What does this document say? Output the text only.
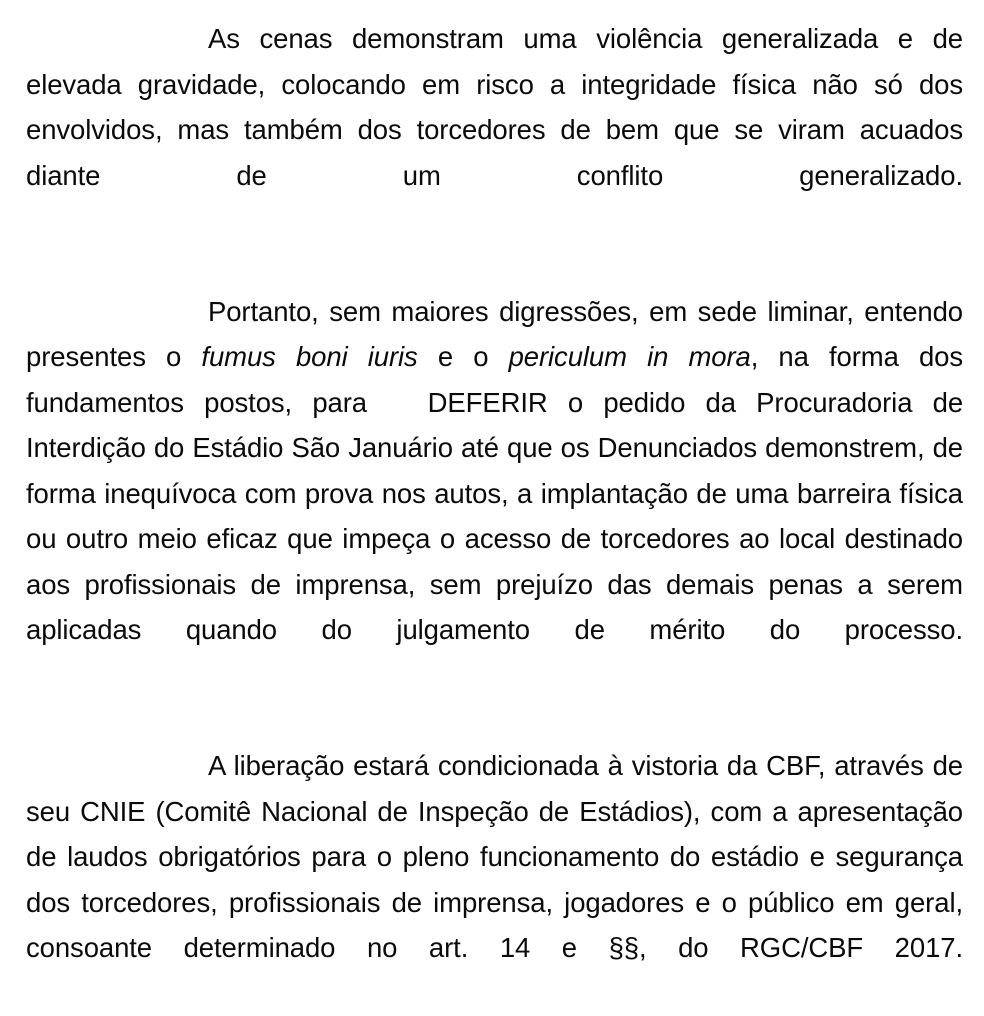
As cenas demonstram uma violência generalizada e de elevada gravidade, colocando em risco a integridade física não só dos envolvidos, mas também dos torcedores de bem que se viram acuados diante de um conflito generalizado.

Portanto, sem maiores digressões, em sede liminar, entendo presentes o fumus boni iuris e o periculum in mora, na forma dos fundamentos postos, para  DEFERIR o pedido da Procuradoria de Interdição do Estádio São Januário até que os Denunciados demonstrem, de forma inequívoca com prova nos autos, a implantação de uma barreira física ou outro meio eficaz que impeça o acesso de torcedores ao local destinado aos profissionais de imprensa, sem prejuízo das demais penas a serem aplicadas quando do julgamento de mérito do processo.

A liberação estará condicionada à vistoria da CBF, através de seu CNIE (Comitê Nacional de Inspeção de Estádios), com a apresentação de laudos obrigatórios para o pleno funcionamento do estádio e segurança dos torcedores, profissionais de imprensa, jogadores e o público em geral, consoante determinado no art. 14 e §§, do RGC/CBF 2017.
